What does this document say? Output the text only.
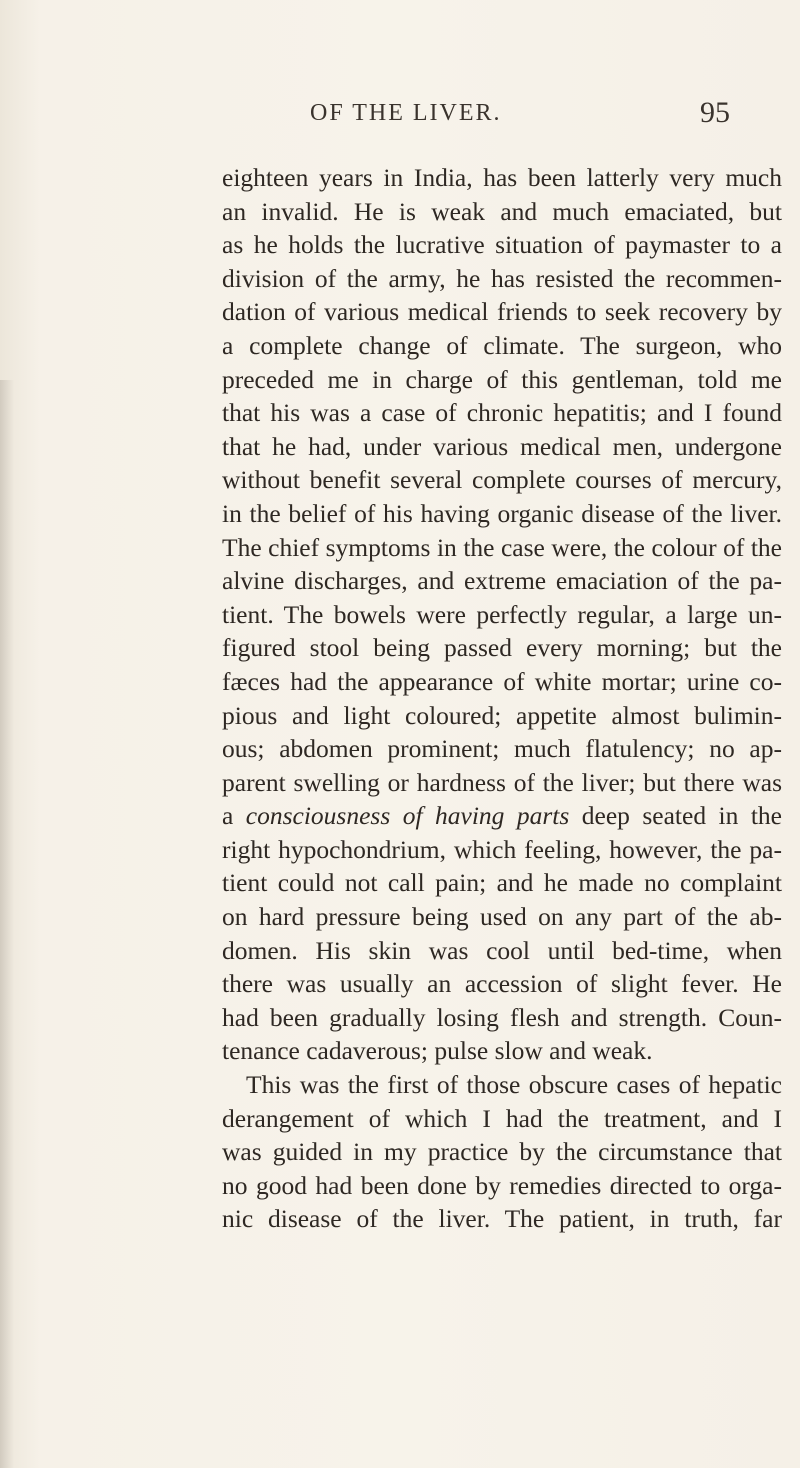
OF THE LIVER.	95
eighteen years in India, has been latterly very much
an invalid. He is weak and much emaciated, but
as he holds the lucrative situation of paymaster to a
division of the army, he has resisted the recommen-
dation of various medical friends to seek recovery by
a complete change of climate. The surgeon, who
preceded me in charge of this gentleman, told me
that his was a case of chronic hepatitis; and I found
that he had, under various medical men, undergone
without benefit several complete courses of mercury,
in the belief of his having organic disease of the liver.
The chief symptoms in the case were, the colour of the
alvine discharges, and extreme emaciation of the pa-
tient. The bowels were perfectly regular, a large un-
figured stool being passed every morning; but the
fæces had the appearance of white mortar; urine co-
pious and light coloured; appetite almost bulimin-
ous; abdomen prominent; much flatulency; no ap-
parent swelling or hardness of the liver; but there was
a consciousness of having parts deep seated in the
right hypochondrium, which feeling, however, the pa-
tient could not call pain; and he made no complaint
on hard pressure being used on any part of the ab-
domen. His skin was cool until bed-time, when
there was usually an accession of slight fever. He
had been gradually losing flesh and strength. Coun-
tenance cadaverous; pulse slow and weak.
This was the first of those obscure cases of hepatic
derangement of which I had the treatment, and I
was guided in my practice by the circumstance that
no good had been done by remedies directed to orga-
nic disease of the liver. The patient, in truth, far
